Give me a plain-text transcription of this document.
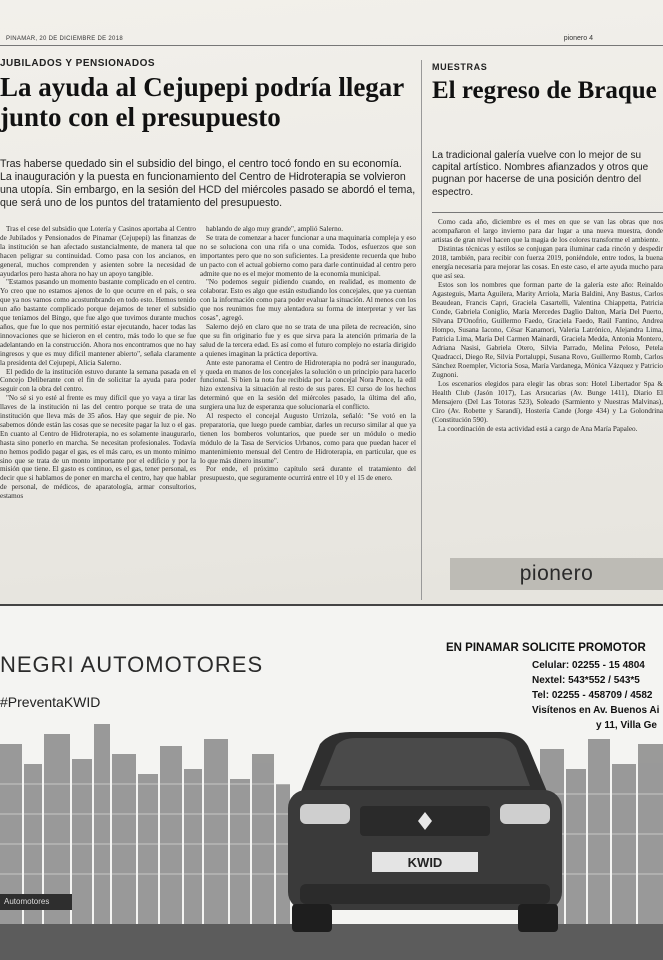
PINAMAR, 20 DE DICIEMBRE DE 2018	pionero 4
JUBILADOS Y PENSIONADOS
La ayuda al Cejupepi podría llegar junto con el presupuesto

Tras haberse quedado sin el subsidio del bingo, el centro tocó fondo en su economía. La inauguración y la puesta en funcionamiento del Centro de Hidroterapia se volvieron una utopía. Sin embargo, en la sesión del HCD del miércoles pasado se abordó el tema, que será uno de los puntos del tratamiento del presupuesto.

Tras el cese del subsidio que Lotería y Casinos aportaba al Centro de Jubilados y Pensionados de Pinamar (Cejupepi) las finanzas de la institución se han afectado sustancialmente, de manera tal que hacen peligrar su continuidad. Como pasa con los ancianos, en general, muchos comprenden y asienten sobre la necesidad de ayudarlos pero hasta ahora no hay un apoyo tangible.

"Estamos pasando un momento bastante complicado en el centro. Yo creo que no estamos ajenos de lo que ocurre en el país, o sea que ya nos vamos como acostumbrando en todo esto. Hemos tenido un año bastante complicado porque dejamos de tener el subsidio que teníamos del Bingo, que fue algo que tuvimos durante muchos años, que fue lo que nos permitió estar ejecutando, hacer todas las innovaciones que se hicieron en el centro, más todo lo que se fue adelantando en la construcción. Ahora nos encontramos que no hay ingresos y que es muy difícil mantener abierto", señala claramente la presidenta del Cejupepi, Alicia Salerno.

El pedido de la institución estuvo durante la semana pasada en el Concejo Deliberante con el fin de solicitar la ayuda para poder seguir con la obra del centro.

"No sé si yo esté al frente es muy difícil que yo vaya a tirar las llaves de la institución ni las del centro porque se trata de una institución que lleva más de 35 años. Hay que seguir de pie. No sabemos dónde están las cosas que se necesite pagar la luz o el gas. En cuanto al Centro de Hidroterapia, no es solamente inaugurarlo, hasta sino ponerlo en marcha. Se necesitan profesionales. Todavía no hemos podido pagar el gas, es el más caro, es un monto mínimo sino que se trata de un monto importante por el edificio y por la misión que tiene. El gasto es continuo, es el gas, tener personal, es decir que si hablamos de poner en marcha el centro, hay que hablar de personal, de médicos, de aparatología, armar consultorios, estamos

hablando de algo muy grande", amplió Salerno.

Se trata de comenzar a hacer funcionar a una maquinaria compleja y eso no se soluciona con una rifa o una comida. Todos, esfuerzos que son importantes pero que no son suficientes. La presidente recuerda que hubo un pacto con el actual gobierno como para darle continuidad al centro pero admite que no es el mejor momento de la economía municipal.

"No podemos seguir pidiendo cuando, en realidad, es momento de colaborar. Esto es algo que están estudiando los concejales, que ya cuentan con la información como para poder evaluar la situación. Al menos con los que nos reunimos fue muy alentadora su forma de interpretar y ver las cosas", agregó.

Salerno dejó en claro que no se trata de una pileta de recreación, sino que su fin originario fue y es que sirva para la atención primaria de la salud de la tercera edad. Es así como el futuro complejo no estaría dirigido a quienes imaginan la práctica deportiva.

Ante este panorama el Centro de Hidroterapia no podrá ser inaugurado, y queda en manos de los concejales la solución o un principio para hacerlo funcional. Si bien la nota fue recibida por la concejal Nora Ponce, la edil hizo extensiva la situación al resto de sus pares. El curso de los hechos determinó que en la sesión del miércoles pasado, la última del año, surgiera una luz de esperanza que solucionaría el conflicto.

Al respecto el concejal Augusto Urrizola, señaló: "Se votó en la preparatoria, que luego puede cambiar, darles un recurso similar al que ya tienen los bomberos voluntarios, que puede ser un módulo o medio módulo de la Tasa de Servicios Urbanos, como para que puedan hacer el mantenimiento mensual del Centro de Hidroterapia, en particular, que es lo que más dinero insume".

Por ende, el próximo capítulo será durante el tratamiento del presupuesto, que seguramente ocurrirá entre el 10 y el 15 de enero.

MUESTRAS
El regreso de Braque

La tradicional galería vuelve con lo mejor de su capital artístico. Nombres afianzados y otros que pugnan por hacerse de una posición dentro del espectro.

Como cada año, diciembre es el mes en que se van las obras que nos acompañaron el largo invierno para dar lugar a una nueva muestra, donde artistas de gran nivel hacen que la magia de los colores transforme el ambiente.

Distintas técnicas y estilos se conjugan para iluminar cada rincón y despedir 2018, también, para recibir con fuerza 2019, poniéndole, entre todos, la buena energía necesaria para mejorar las cosas. En este caso, el arte ayuda mucho para que así sea.

Estos son los nombres que forman parte de la galería este año: Reinaldo Agasteguis, Marta Aguilera, Marity Arriola, María Baldini, Any Bastus, Carlos Beaudean, Francis Capri, Graciela Casartelli, Valentina Chiappetta, Patricia Conde, Gabriela Coniglio, María Mercedes Daglio Dalton, María Del Puerto, Silvana D'Onofrio, Guillermo Faedo, Graciela Faedo, Raúl Fantino, Andrea Hompo, Susana Iacono, César Kanamori, Valeria Latrónico, Alejandra Lima, Patricia Lima, María Del Carmen Mainardi, Graciela Medda, Antonia Montero, Adriana Nasisi, Gabriela Otero, Silvia Parrado, Melina Peloso, Petela Quadracci, Diego Re, Silvia Portaluppi, Susana Rovo, Guillermo Romb, Carlos Sánchez Roempler, Victoria Sosa, María Vardanega, Mónica Vázquez y Patricio Zugnoni.

Los escenarios elegidos para elegir las obras son: Hotel Libertador Spa & Health Club (Jasón 1017), Las Arsucarias (Av. Bunge 1411), Diario El Mensajero (Del Las Totoras 523), Soleado (Sarmiento y Nuestras Malvinas), Ciro (Av. Robette y Sarandí), Hostería Cande (Jorge 434) y La Golondrina (Constitución 590).

La coordinación de esta actividad está a cargo de Ana María Papaleo.

pionero
KWID
NEGRI AUTOMOTORES
#PreventaKWID
EN PINAMAR SOLICITE PROMOTOR
Celular: 02255 - 15 4804
Nextel: 543*552 / 543*5
Tel: 02255 - 458709 / 4582
Visítenos en Av. Buenos Ai
y 11, Villa Ge
Automotores
